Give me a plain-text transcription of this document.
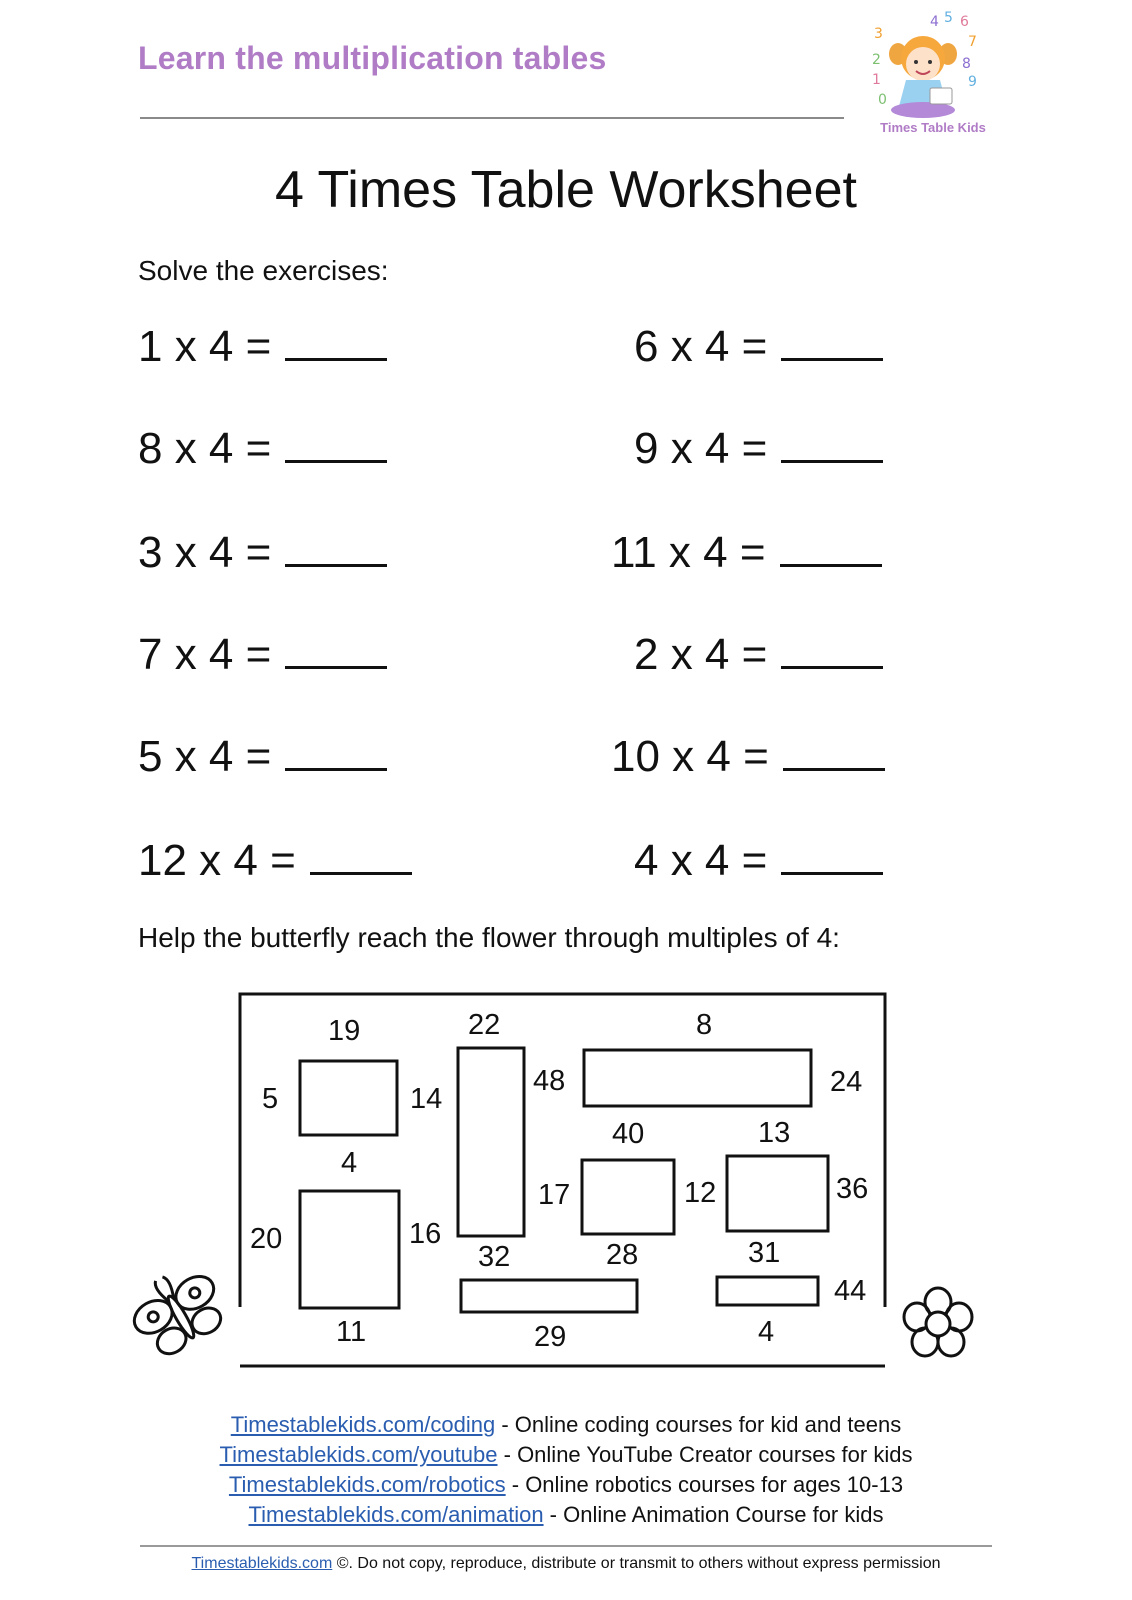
Learn the multiplication tables
4 5 6
3	7
2	8
1	9
0
Times Table Kids
4 Times Table Worksheet
Solve the exercises:
1 x 4 =	6 x 4 =
8 x 4 =	9 x 4 =
3 x 4 =	11 x 4 =
7 x 4 =	2 x 4 =
5 x 4 =	10 x 4 =
12 x 4 =	4 x 4 =
Help the butterfly reach the flower through multiples of 4:
19	22	8
5	14
48	24
40	13
4
17	12	36
20	16
32	28	31
44
11	29	4
Timestablekids.com/coding - Online coding courses for kid and teens
Timestablekids.com/youtube - Online YouTube Creator courses for kids
Timestablekids.com/robotics - Online robotics courses for ages 10-13
Timestablekids.com/animation - Online Animation Course for kids
Timestablekids.com ©. Do not copy, reproduce, distribute or transmit to others without express permission
